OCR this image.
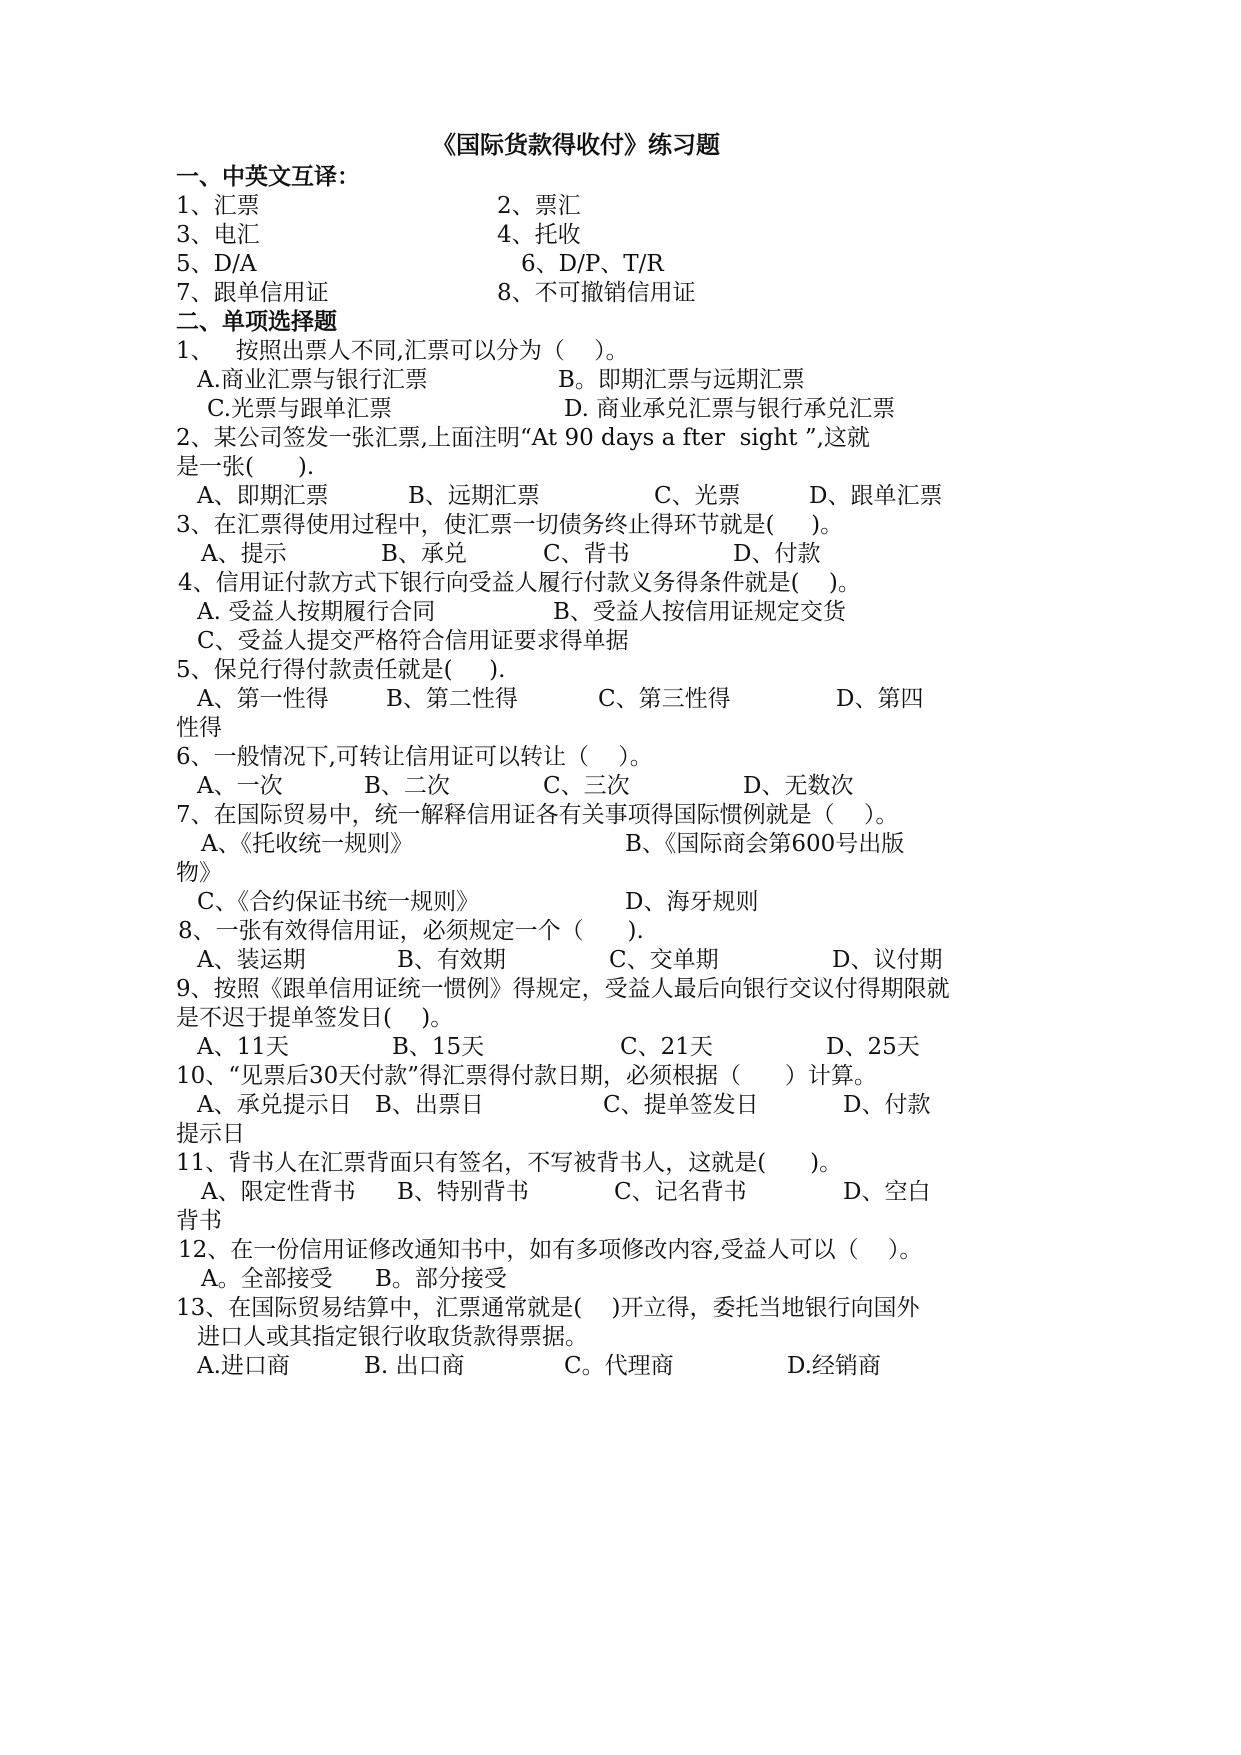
《国际货款得收付》练习题
一、中英文互译：
1、汇票	2、票汇
3、电汇	4、托收
5、D/A	6、D/P、T/R
7、跟单信用证	8、不可撤销信用证
二、单项选择题
1、   按照出票人不同,汇票可以分为（    ）。
A.商业汇票与银行汇票	B。即期汇票与远期汇票
C.光票与跟单汇票	D. 商业承兑汇票与银行承兑汇票
2、某公司签发一张汇票,上面注明“At 90 days a fter  sight ”,这就
是一张(      ).
A、即期汇票	B、远期汇票	C、光票	D、跟单汇票
3、在汇票得使用过程中，使汇票一切债务终止得环节就是(     )。
A、提示	B、承兑	C、背书	D、付款
4、信用证付款方式下银行向受益人履行付款义务得条件就是(    )。
A. 受益人按期履行合同	B、受益人按信用证规定交货
C、受益人提交严格符合信用证要求得单据
5、保兑行得付款责任就是(     ).
A、第一性得 B、第二性得	C、第三性得	D、第四
性得
6、一般情况下,可转让信用证可以转让（    ）。
A、一次	B、二次	C、三次	D、无数次
7、在国际贸易中，统一解释信用证各有关事项得国际惯例就是（    ）。
A、《托收统一规则》	B、《国际商会第600号出版
物》
C、《合约保证书统一规则》	D、海牙规则
8、一张有效得信用证，必须规定一个（      ).
A、装运期	B、有效期	C、交单期	D、议付期
9、按照《跟单信用证统一惯例》得规定，受益人最后向银行交议付得期限就
是不迟于提单签发日(    )。
A、11天	B、15天	C、21天	D、25天
10、“见票后30天付款”得汇票得付款日期，必须根据（      ）计算。
A、承兑提示日 B、出票日	C、提单签发日	D、付款
提示日
11、背书人在汇票背面只有签名，不写被背书人，这就是(      )。
A、限定性背书 B、特别背书	C、记名背书	D、空白
背书
12、在一份信用证修改通知书中，如有多项修改内容,受益人可以（    ）。
A。全部接受 B。部分接受
13、在国际贸易结算中，汇票通常就是(    )开立得，委托当地银行向国外
进口人或其指定银行收取货款得票据。
A.进口商	B. 出口商	C。代理商	D.经销商
